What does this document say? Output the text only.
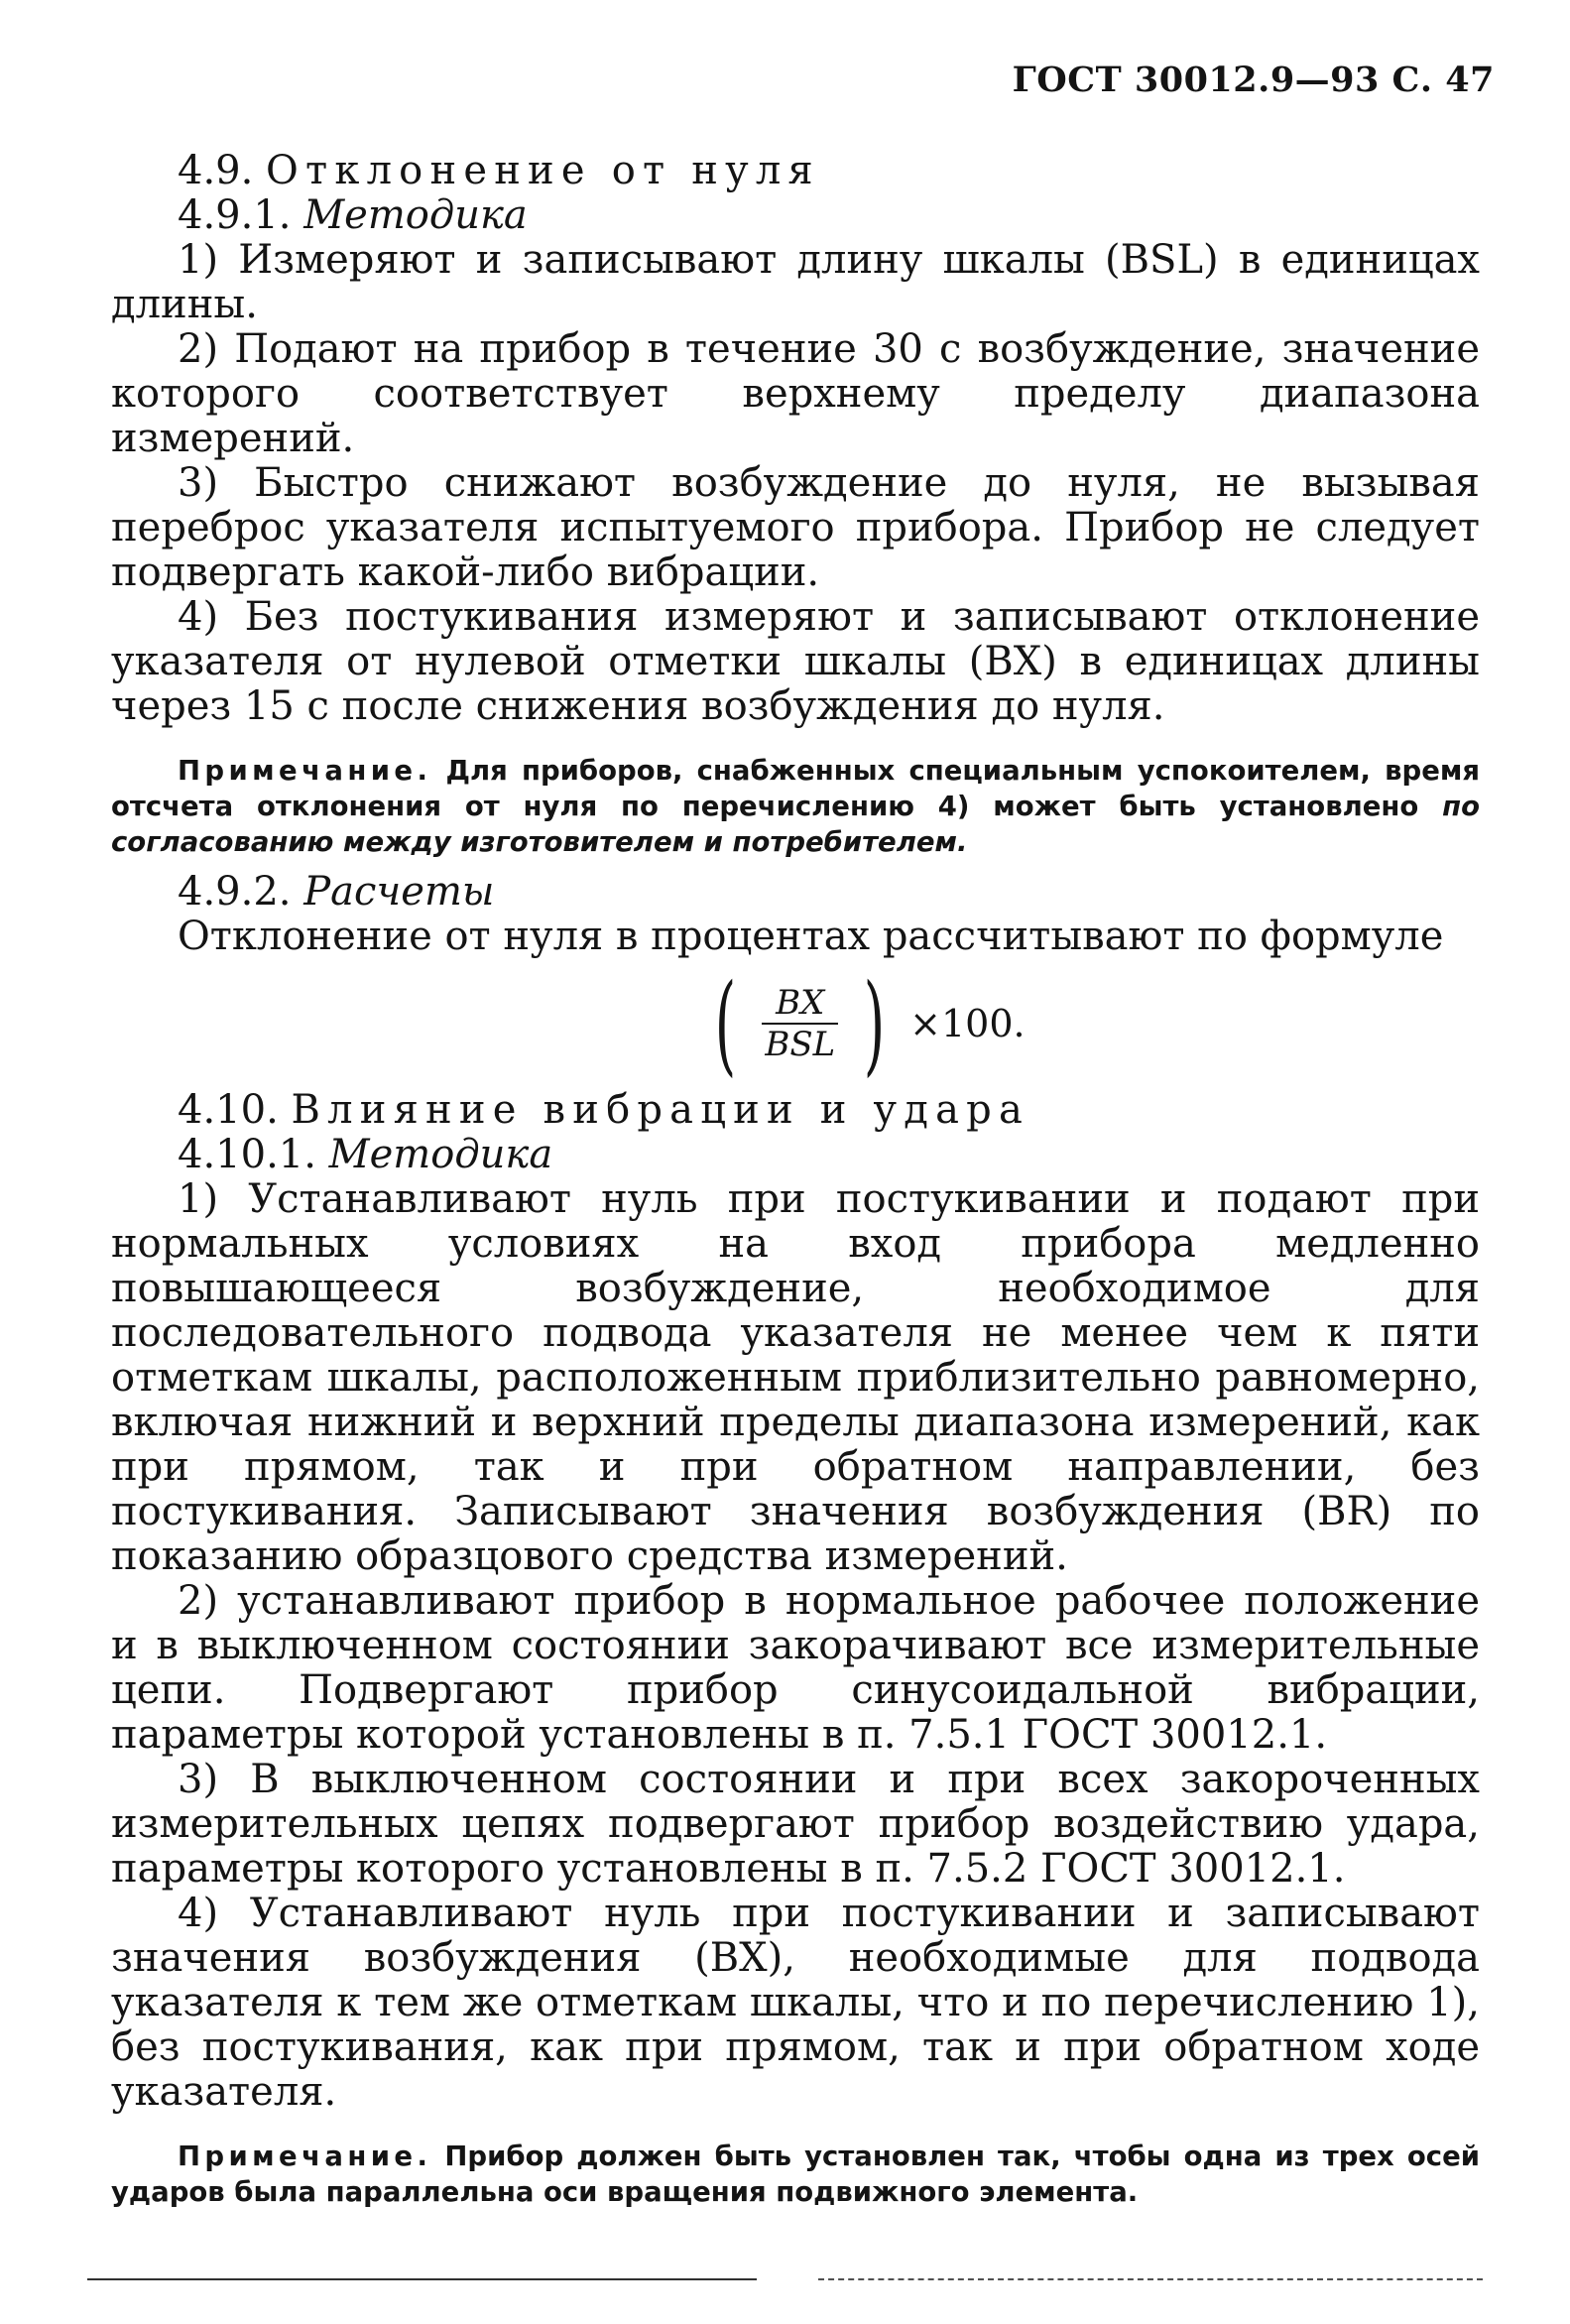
ГОСТ 30012.9—93 С. 47

4.9. Отклонение от нуля

4.9.1. Методика

1) Измеряют и записывают длину шкалы (BSL) в единицах длины.

2) Подают на прибор в течение 30 с возбуждение, значение которого соответствует верхнему пределу диапазона измерений.

3) Быстро снижают возбуждение до нуля, не вызывая переброс указателя испытуемого прибора. Прибор не следует подвергать какой-либо вибрации.

4) Без постукивания измеряют и записывают отклонение указателя от нулевой отметки шкалы (BX) в единицах длины через 15 с после снижения возбуждения до нуля.

Примечание. Для приборов, снабженных специальным успокоителем, время отсчета отклонения от нуля по перечислению 4) может быть установлено по согласованию между изготовителем и потребителем.

4.9.2. Расчеты

Отклонение от нуля в процентах рассчитывают по формуле

( $\frac{BX}{\text{BSL}}$ ) ×100.

4.10. Влияние вибрации и удара

4.10.1. Методика

1) Устанавливают нуль при постукивании и подают при нормальных условиях на вход прибора медленно повышающееся возбуждение, необходимое для последовательного подвода указателя не менее чем к пяти отметкам шкалы, расположенным приблизительно равномерно, включая нижний и верхний пределы диапазона измерений, как при прямом, так и при обратном направлении, без постукивания. Записывают значения возбуждения (BR) по показанию образцового средства измерений.

2) устанавливают прибор в нормальное рабочее положение и в выключенном состоянии закорачивают все измерительные цепи. Подвергают прибор синусоидальной вибрации, параметры которой установлены в п. 7.5.1 ГОСТ 30012.1.

3) В выключенном состоянии и при всех закороченных измерительных цепях подвергают прибор воздействию удара, параметры которого установлены в п. 7.5.2 ГОСТ 30012.1.

4) Устанавливают нуль при постукивании и записывают значения возбуждения (BX), необходимые для подвода указателя к тем же отметкам шкалы, что и по перечислению 1), без постукивания, как при прямом, так и при обратном ходе указателя.

Примечание. Прибор должен быть установлен так, чтобы одна из трех осей ударов была параллельна оси вращения подвижного элемента.
